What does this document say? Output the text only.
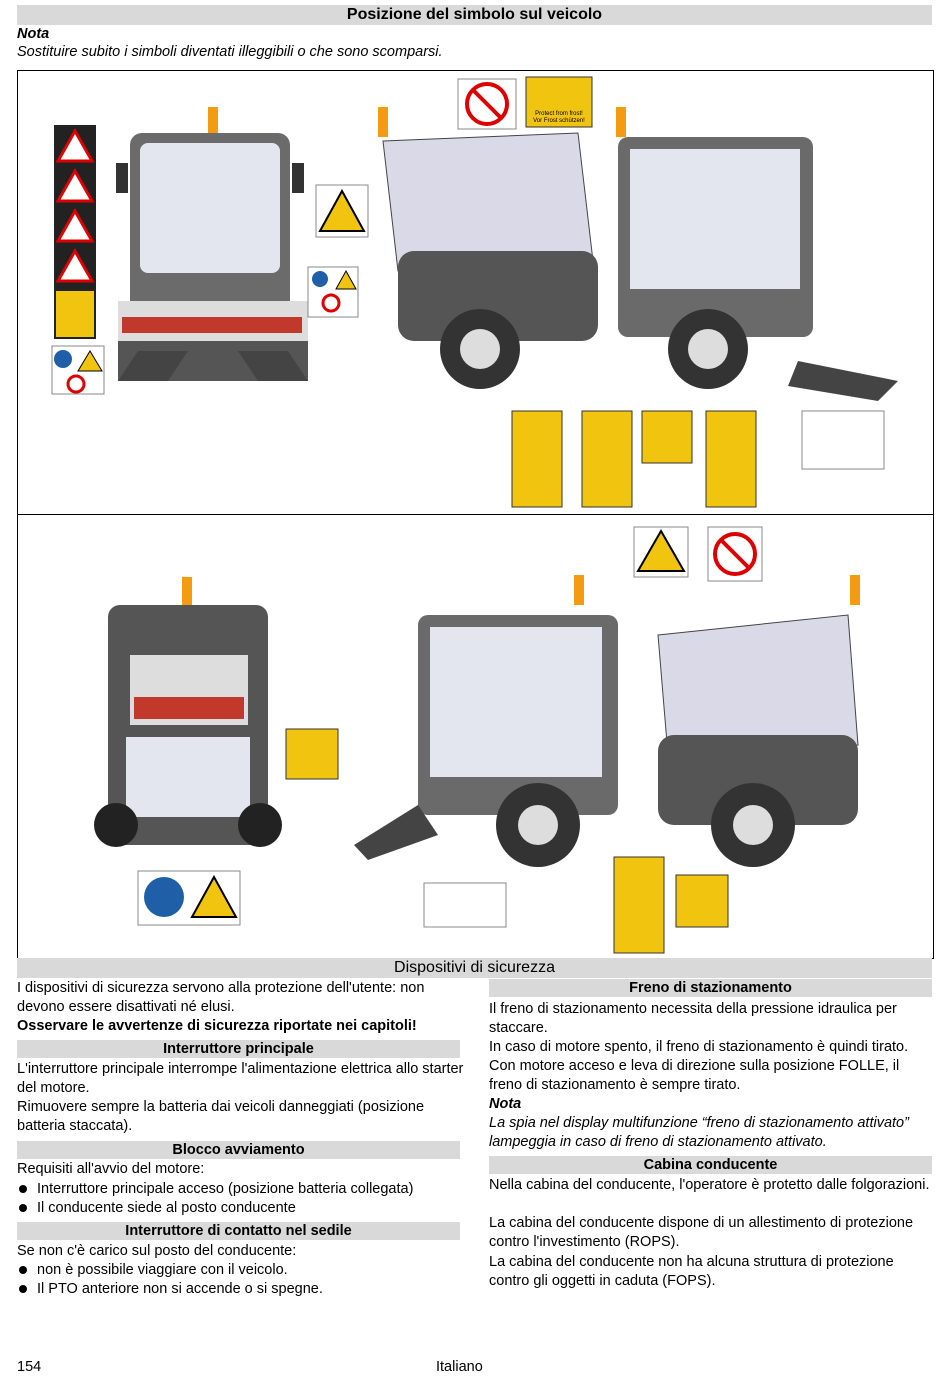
Posizione del simbolo sul veicolo
Nota
Sostituire subito i simboli diventati illeggibili o che sono scomparsi.
Protect from frost!
Vor Frost schützen!
Dispositivi di sicurezza
I dispositivi di sicurezza servono alla protezione dell'utente: non devono essere disattivati né elusi.
Osservare le avvertenze di sicurezza riportate nei capitoli!
Interruttore principale
L'interruttore principale interrompe l'alimentazione elettrica allo starter del motore.
Rimuovere sempre la batteria dai veicoli danneggiati (posizione batteria staccata).
Blocco avviamento
Requisiti all'avvio del motore:
Interruttore principale acceso (posizione batteria collegata)
Il conducente siede al posto conducente
Interruttore di contatto nel sedile
Se non c'è carico sul posto del conducente:
non è possibile viaggiare con il veicolo.
Il PTO anteriore non si accende o si spegne.
Freno di stazionamento
Il freno di stazionamento necessita della pressione idraulica per staccare.
In caso di motore spento, il freno di stazionamento è quindi tirato.
Con motore acceso e leva di direzione sulla posizione FOLLE, il freno di stazionamento è sempre tirato.
Nota
La spia nel display multifunzione “freno di stazionamento attivato” lampeggia in caso di freno di stazionamento attivato.
Cabina conducente
Nella cabina del conducente, l'operatore è protetto dalle folgorazioni.
La cabina del conducente dispone di un allestimento di protezione contro l'investimento (ROPS).
La cabina del conducente non ha alcuna struttura di protezione contro gli oggetti in caduta (FOPS).
154	Italiano
